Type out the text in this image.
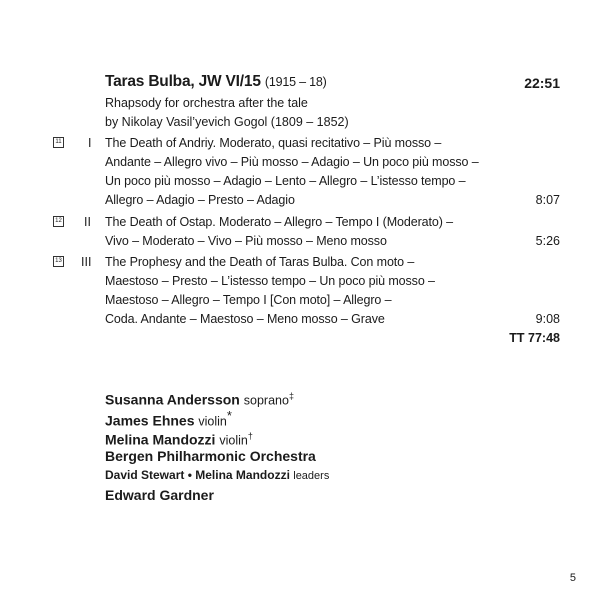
Taras Bulba, JW VI/15 (1915 – 18)	22:51
Rhapsody for orchestra after the tale
by Nikolay Vasil’yevich Gogol (1809 – 1852)
11 I The Death of Andriy. Moderato, quasi recitativo – Più mosso –
Andante – Allegro vivo – Più mosso – Adagio – Un poco più mosso –
Un poco più mosso – Adagio – Lento – Allegro – L’istesso tempo –
Allegro – Adagio – Presto – Adagio	8:07
12 II The Death of Ostap. Moderato – Allegro – Tempo I (Moderato) –
Vivo – Moderato – Vivo – Più mosso – Meno mosso	5:26
13 III The Prophesy and the Death of Taras Bulba. Con moto –
Maestoso – Presto – L’istesso tempo – Un poco più mosso –
Maestoso – Allegro – Tempo I [Con moto] – Allegro –
Coda. Andante – Maestoso – Meno mosso – Grave	9:08
TT 77:48
Susanna Andersson soprano‡
James Ehnes violin*
Melina Mandozzi violin†
Bergen Philharmonic Orchestra
David Stewart • Melina Mandozzi leaders
Edward Gardner
5
